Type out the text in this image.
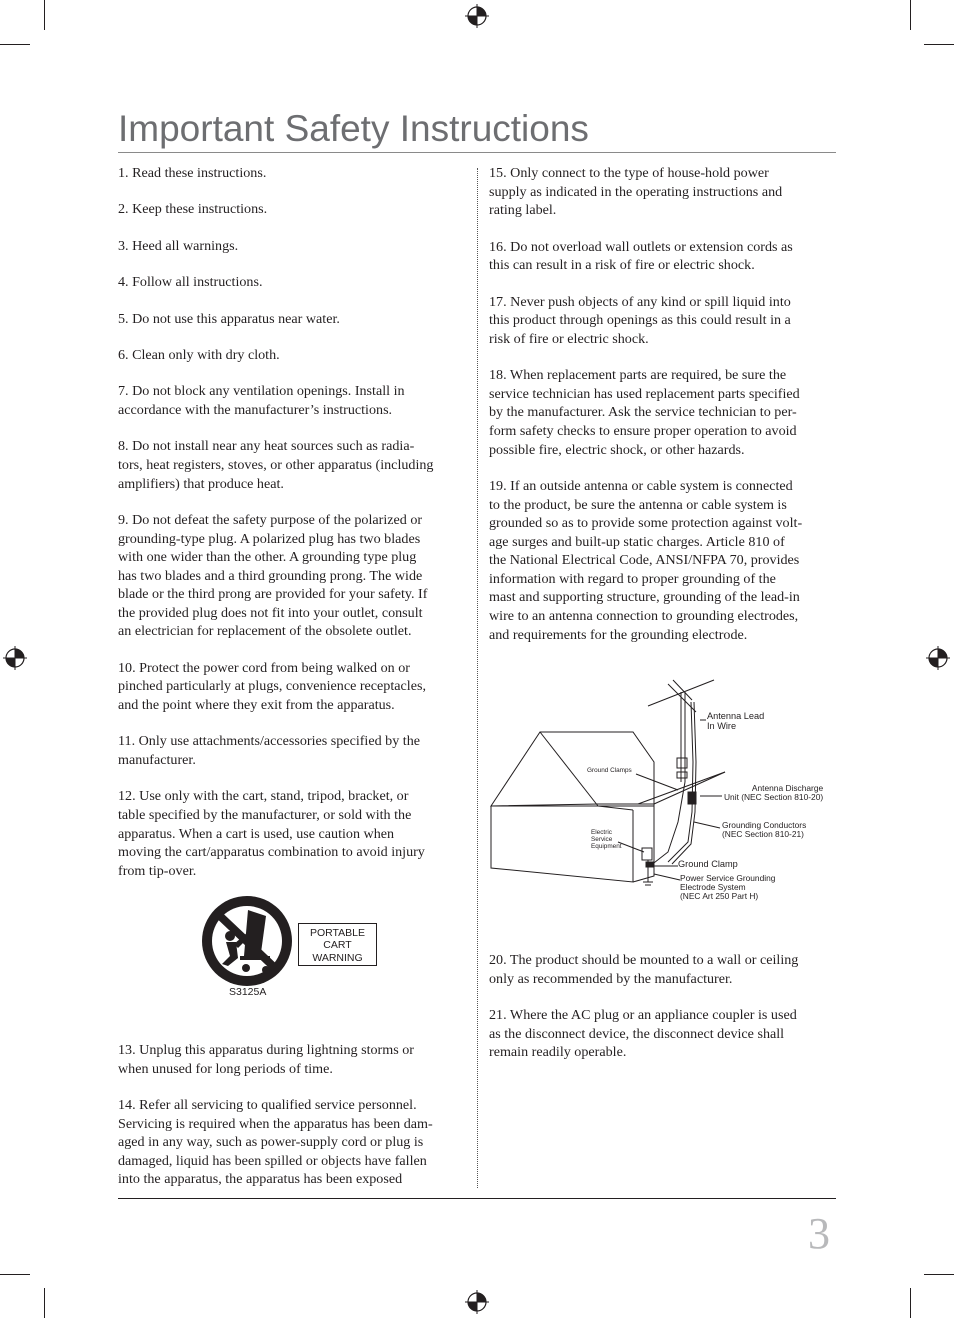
Important Safety Instructions

1. Read these instructions.

2. Keep these instructions.

3. Heed all warnings.

4. Follow all instructions.

5. Do not use this apparatus near water.

6. Clean only with dry cloth.

7. Do not block any ventilation openings. Install in
accordance with the manufacturer’s instructions.

8. Do not install near any heat sources such as radia-
tors, heat registers, stoves, or other apparatus (including
amplifiers) that produce heat.

9. Do not defeat the safety purpose of the polarized or
grounding-type plug. A polarized plug has two blades
with one wider than the other. A grounding type plug
has two blades and a third grounding prong. The wide
blade or the third prong are provided for your safety. If
the provided plug does not fit into your outlet, consult
an electrician for replacement of the obsolete outlet.

10. Protect the power cord from being walked on or
pinched particularly at plugs, convenience receptacles,
and the point where they exit from the apparatus.

11. Only use attachments/accessories specified by the
manufacturer.

12. Use only with the cart, stand, tripod, bracket, or
table specified by the manufacturer, or sold with the
apparatus. When a cart is used, use caution when
moving the cart/apparatus combination to avoid injury
from tip-over.

PORTABLE
CART
WARNING
S3125A

13. Unplug this apparatus during lightning storms or
when unused for long periods of time.

14. Refer all servicing to qualified service personnel.
Servicing is required when the apparatus has been dam-
aged in any way, such as power-supply cord or plug is
damaged, liquid has been spilled or objects have fallen
into the apparatus, the apparatus has been exposed

15. Only connect to the type of house-hold power
supply as indicated in the operating instructions and
rating label.

16. Do not overload wall outlets or extension cords as
this can result in a risk of fire or electric shock.

17. Never push objects of any kind or spill liquid into
this product through openings as this could result in a
risk of fire or electric shock.

18. When replacement parts are required, be sure the
service technician has used replacement parts specified
by the manufacturer. Ask the service technician to per-
form safety checks to ensure proper operation to avoid
possible fire, electric shock, or other hazards.

19. If an outside antenna or cable system is connected
to the product, be sure the antenna or cable system is
grounded so as to provide some protection against volt-
age surges and built-up static charges. Article 810 of
the National Electrical Code, ANSI/NFPA 70, provides
information with regard to proper grounding of the
mast and supporting structure, grounding of the lead-in
wire to an antenna connection to grounding electrodes,
and requirements for the grounding electrode.

Antenna Lead
In Wire
Ground Clamps
Antenna Discharge
Unit (NEC Section 810-20)
Electric
Service
Equipment
Grounding Conductors
(NEC Section 810-21)
Ground Clamp
Power Service Grounding
Electrode System
(NEC Art 250 Part H)

20. The product should be mounted to a wall or ceiling
only as recommended by the manufacturer.

21. Where the AC plug or an appliance coupler is used
as the disconnect device, the disconnect device shall
remain readily operable.

3
